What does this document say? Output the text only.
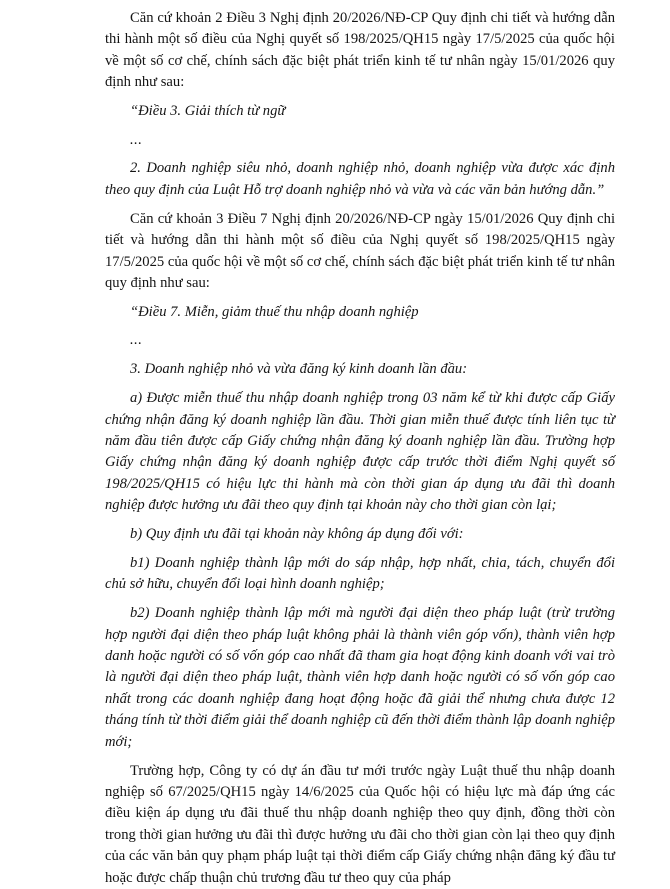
Căn cứ khoản 2 Điều 3 Nghị định 20/2026/NĐ-CP Quy định chi tiết và hướng dẫn thi hành một số điều của Nghị quyết số 198/2025/QH15 ngày 17/5/2025 của quốc hội về một số cơ chế, chính sách đặc biệt phát triển kinh tế tư nhân ngày 15/01/2026 quy định như sau:

“Điều 3. Giải thích từ ngữ

...

2. Doanh nghiệp siêu nhỏ, doanh nghiệp nhỏ, doanh nghiệp vừa được xác định theo quy định của Luật Hỗ trợ doanh nghiệp nhỏ và vừa và các văn bản hướng dẫn.”

Căn cứ khoản 3 Điều 7 Nghị định 20/2026/NĐ-CP ngày 15/01/2026 Quy định chi tiết và hướng dẫn thi hành một số điều của Nghị quyết số 198/2025/QH15 ngày 17/5/2025 của quốc hội về một số cơ chế, chính sách đặc biệt phát triển kinh tế tư nhân quy định như sau:

“Điều 7. Miễn, giảm thuế thu nhập doanh nghiệp

...

3. Doanh nghiệp nhỏ và vừa đăng ký kinh doanh lần đầu:

a) Được miễn thuế thu nhập doanh nghiệp trong 03 năm kể từ khi được cấp Giấy chứng nhận đăng ký doanh nghiệp lần đầu. Thời gian miễn thuế được tính liên tục từ năm đầu tiên được cấp Giấy chứng nhận đăng ký doanh nghiệp lần đầu. Trường hợp Giấy chứng nhận đăng ký doanh nghiệp được cấp trước thời điểm Nghị quyết số 198/2025/QH15 có hiệu lực thi hành mà còn thời gian áp dụng ưu đãi thì doanh nghiệp được hưởng ưu đãi theo quy định tại khoản này cho thời gian còn lại;

b) Quy định ưu đãi tại khoản này không áp dụng đối với:

b1) Doanh nghiệp thành lập mới do sáp nhập, hợp nhất, chia, tách, chuyển đổi chủ sở hữu, chuyển đổi loại hình doanh nghiệp;

b2) Doanh nghiệp thành lập mới mà người đại diện theo pháp luật (trừ trường hợp người đại diện theo pháp luật không phải là thành viên góp vốn), thành viên hợp danh hoặc người có số vốn góp cao nhất đã tham gia hoạt động kinh doanh với vai trò là người đại diện theo pháp luật, thành viên hợp danh hoặc người có số vốn góp cao nhất trong các doanh nghiệp đang hoạt động hoặc đã giải thể nhưng chưa được 12 tháng tính từ thời điểm giải thể doanh nghiệp cũ đến thời điểm thành lập doanh nghiệp mới;

Trường hợp, Công ty có dự án đầu tư mới trước ngày Luật thuế thu nhập doanh nghiệp số 67/2025/QH15 ngày 14/6/2025 của Quốc hội có hiệu lực mà đáp ứng các điều kiện áp dụng ưu đãi thuế thu nhập doanh nghiệp theo quy định, đồng thời còn trong thời gian hưởng ưu đãi thì được hưởng ưu đãi cho thời gian còn lại theo quy định của các văn bản quy phạm pháp luật tại thời điểm cấp Giấy chứng nhận đăng ký đầu tư hoặc được chấp thuận chủ trương đầu tư theo quy của pháp
